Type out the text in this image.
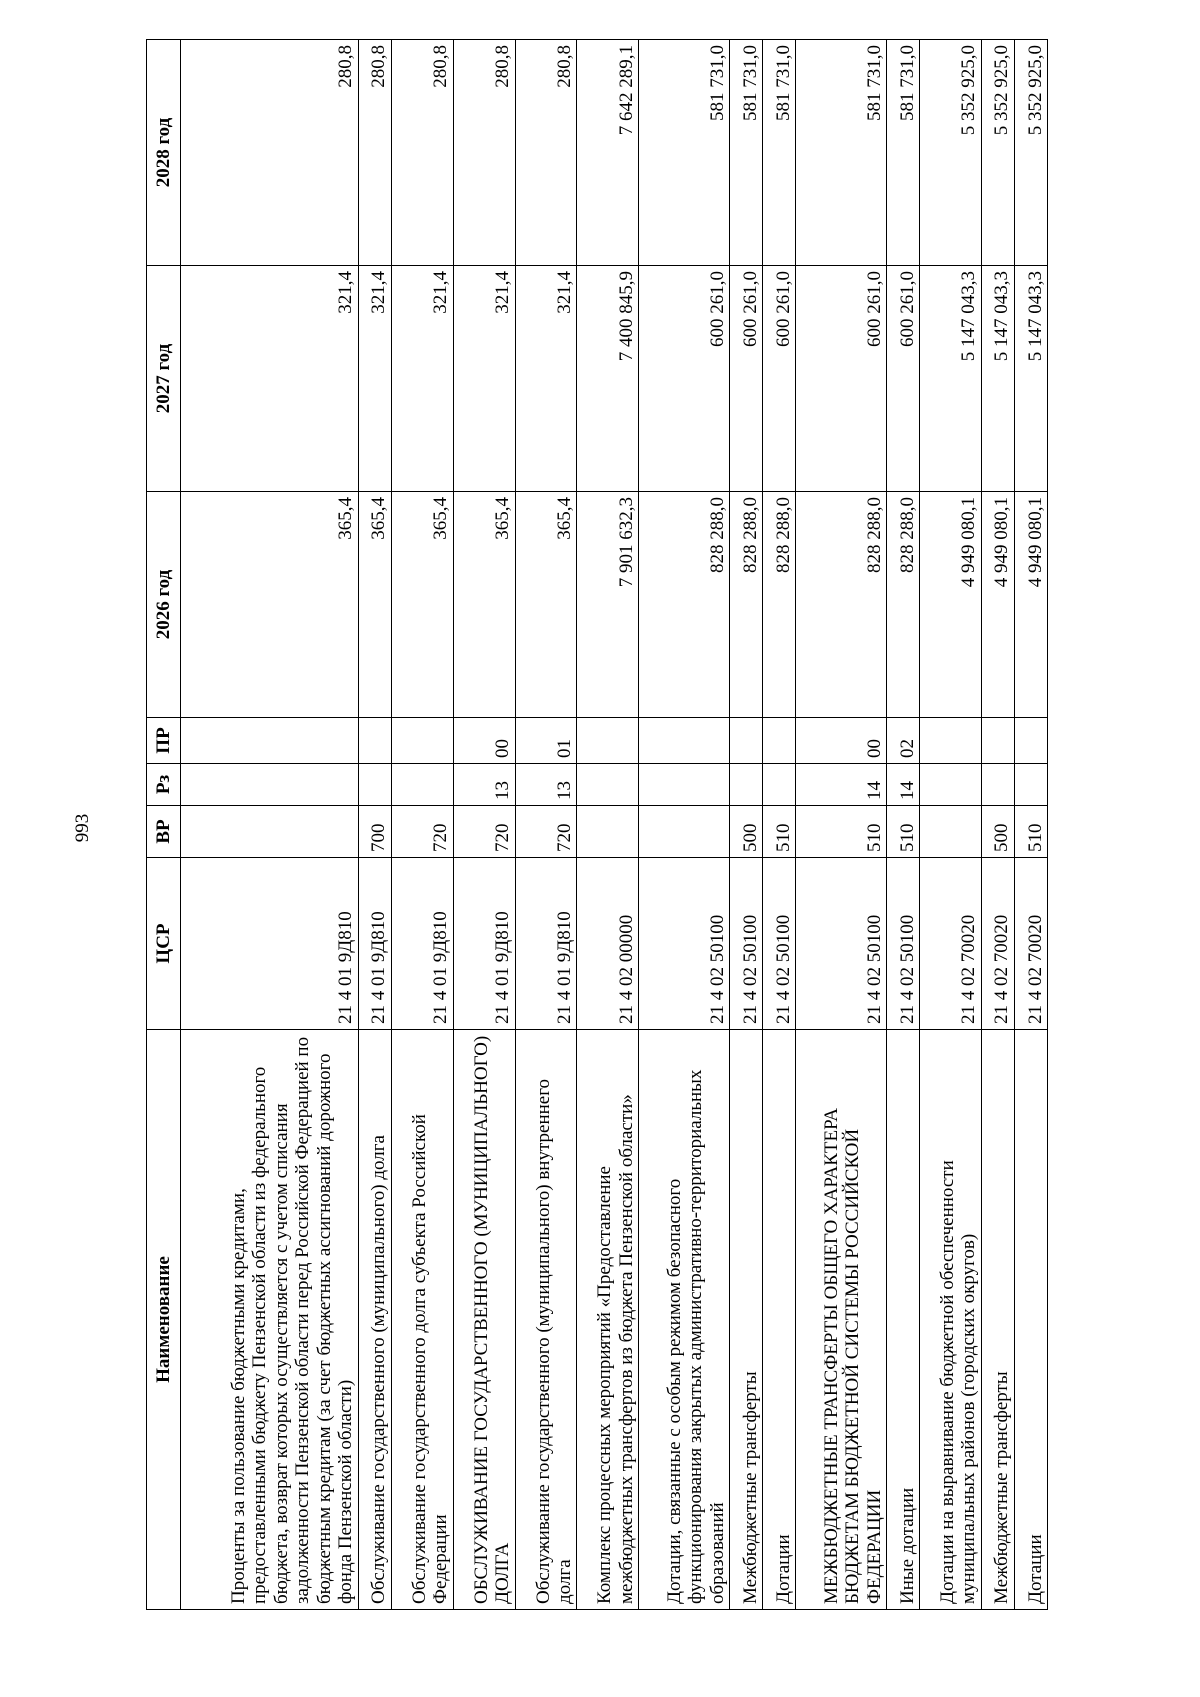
993
Наименование	ЦСР	ВР	Рз	ПР	2026 год	2027 год	2028 год
Проценты за пользование бюджетными кредитами, предоставленными бюджету Пензенской области из федерального бюджета, возврат которых осуществляется с учетом списания задолженности Пензенской области перед Российской Федерацией по бюджетным кредитам (за счет бюджетных ассигнований дорожного фонда Пензенской области)	21 4 01 9Д810				365,4	321,4	280,8
Обслуживание государственного (муниципального) долга	21 4 01 9Д810	700			365,4	321,4	280,8
Обслуживание государственного долга субъекта Российской Федерации	21 4 01 9Д810	720			365,4	321,4	280,8
ОБСЛУЖИВАНИЕ ГОСУДАРСТВЕННОГО (МУНИЦИПАЛЬНОГО) ДОЛГА	21 4 01 9Д810	720	13	00	365,4	321,4	280,8
Обслуживание государственного (муниципального) внутреннего долга	21 4 01 9Д810	720	13	01	365,4	321,4	280,8
Комплекс процессных мероприятий «Предоставление межбюджетных трансфертов из бюджета Пензенской области»	21 4 02 00000				7 901 632,3	7 400 845,9	7 642 289,1
Дотации, связанные с особым режимом безопасного функционирования закрытых административно-территориальных образований	21 4 02 50100				828 288,0	600 261,0	581 731,0
Межбюджетные трансферты	21 4 02 50100	500			828 288,0	600 261,0	581 731,0
Дотации	21 4 02 50100	510			828 288,0	600 261,0	581 731,0
МЕЖБЮДЖЕТНЫЕ ТРАНСФЕРТЫ ОБЩЕГО ХАРАКТЕРА БЮДЖЕТАМ БЮДЖЕТНОЙ СИСТЕМЫ РОССИЙСКОЙ ФЕДЕРАЦИИ	21 4 02 50100	510	14	00	828 288,0	600 261,0	581 731,0
Иные дотации	21 4 02 50100	510	14	02	828 288,0	600 261,0	581 731,0
Дотации на выравнивание бюджетной обеспеченности муниципальных районов (городских округов)	21 4 02 70020				4 949 080,1	5 147 043,3	5 352 925,0
Межбюджетные трансферты	21 4 02 70020	500			4 949 080,1	5 147 043,3	5 352 925,0
Дотации	21 4 02 70020	510			4 949 080,1	5 147 043,3	5 352 925,0
